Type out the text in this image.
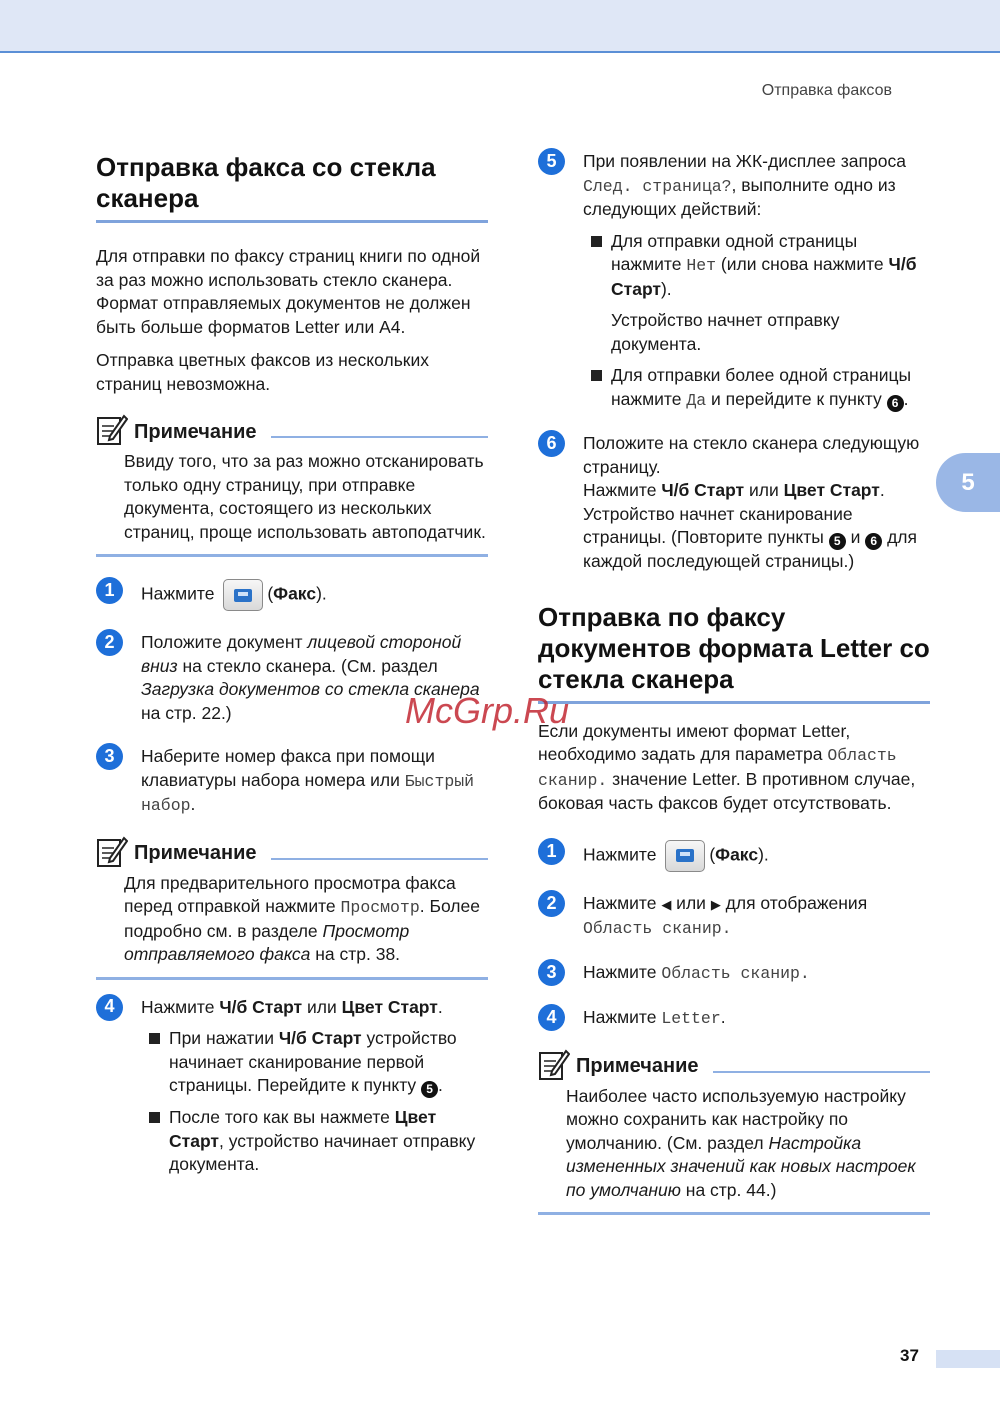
Отправка факсов
5
Отправка факса со стекла сканера

Для отправки по факсу страниц книги по одной за раз можно использовать стекло сканера. Формат отправляемых документов не должен быть больше форматов Letter или A4.

Отправка цветных факсов из нескольких страниц невозможна.

Примечание

Ввиду того, что за раз можно отсканировать только одну страницу, при отправке документа, состоящего из нескольких страниц, проще использовать автоподатчик.

1	Нажмите	(Факс).
2	Положите документ лицевой стороной вниз на стекло сканера. (См. раздел Загрузка документов со стекла сканера на стр. 22.)
3	Наберите номер факса при помощи клавиатуры набора номера или Быстрый набор.
Примечание

Для предварительного просмотра факса перед отправкой нажмите Просмотр. Более подробно см. в разделе Просмотр отправляемого факса на стр. 38.

4	Нажмите Ч/б Старт или Цвет Старт.
При нажатии Ч/б Старт устройство начинает сканирование первой страницы. Перейдите к пункту 5 .
После того как вы нажмете Цвет Старт, устройство начинает отправку документа.
5	При появлении на ЖК-дисплее запроса След. страница?, выполните одно из следующих действий:
Для отправки одной страницы нажмите Нет (или снова нажмите Ч/б Старт).

Устройство начнет отправку документа.

Для отправки более одной страницы нажмите Да и перейдите к пункту 6 .
6	Положите на стекло сканера следующую страницу.
Нажмите Ч/б Старт или Цвет Старт.
Устройство начнет сканирование страницы. (Повторите пункты 5 и 6 для каждой последующей страницы.)
Отправка по факсу документов формата Letter со стекла сканера

Если документы имеют формат Letter, необходимо задать для параметра Область сканир. значение Letter. В противном случае, боковая часть факсов будет отсутствовать.

1	Нажмите	(Факс).
2	Нажмите ◀ или ▶ для отображения Область сканир.
3	Нажмите Область сканир.
4	Нажмите Letter.
Примечание

Наиболее часто используемую настройку можно сохранить как настройку по умолчанию. (См. раздел Настройка измененных значений как новых настроек по умолчанию на стр. 44.)

McGrp.Ru
37
